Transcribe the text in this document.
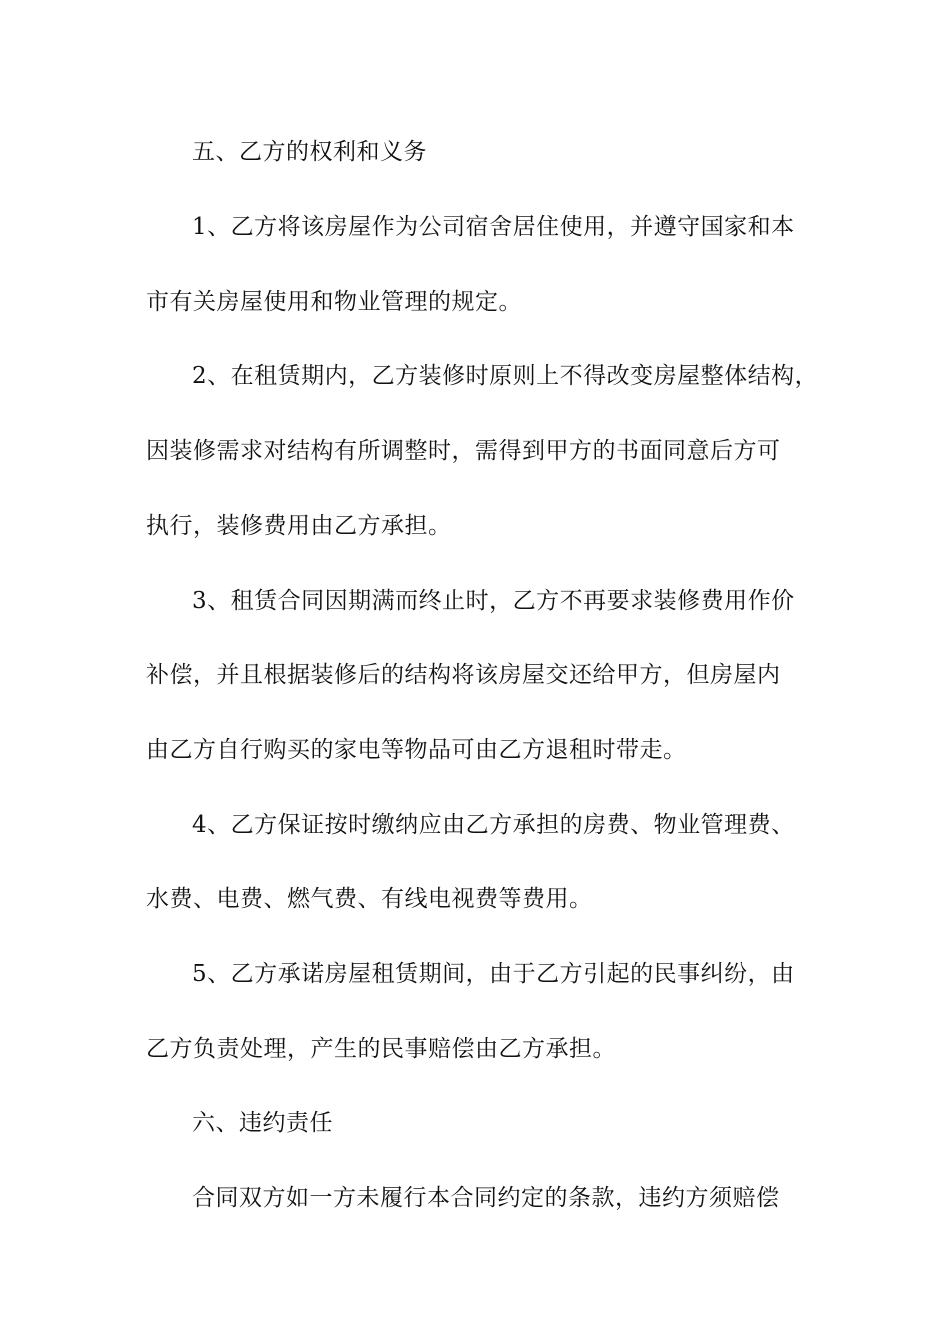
五、乙方的权利和义务
1、乙方将该房屋作为公司宿舍居住使用，并遵守国家和本
市有关房屋使用和物业管理的规定。
2、在租赁期内，乙方装修时原则上不得改变房屋整体结构，
因装修需求对结构有所调整时，需得到甲方的书面同意后方可
执行，装修费用由乙方承担。
3、租赁合同因期满而终止时，乙方不再要求装修费用作价
补偿，并且根据装修后的结构将该房屋交还给甲方，但房屋内
由乙方自行购买的家电等物品可由乙方退租时带走。
4、乙方保证按时缴纳应由乙方承担的房费、物业管理费、
水费、电费、燃气费、有线电视费等费用。
5、乙方承诺房屋租赁期间，由于乙方引起的民事纠纷，由
乙方负责处理，产生的民事赔偿由乙方承担。
六、违约责任
合同双方如一方未履行本合同约定的条款，违约方须赔偿
